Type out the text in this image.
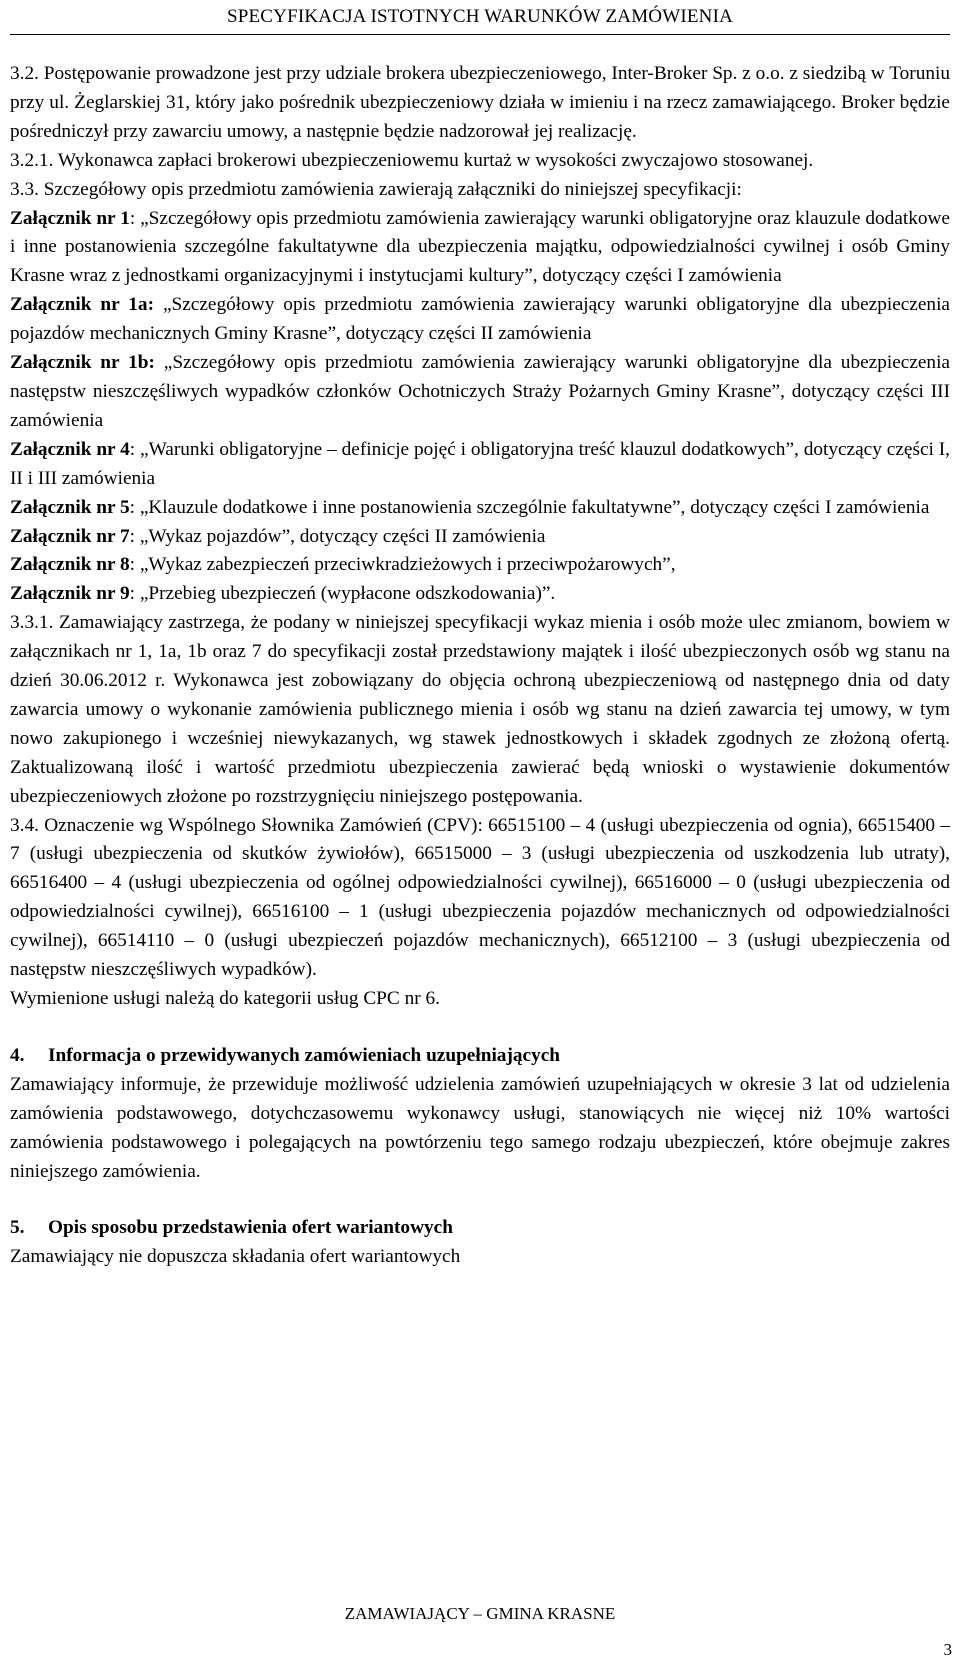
SPECYFIKACJA ISTOTNYCH WARUNKÓW ZAMÓWIENIA

3.2. Postępowanie prowadzone jest przy udziale brokera ubezpieczeniowego, Inter-Broker Sp. z o.o. z siedzibą w Toruniu przy ul. Żeglarskiej 31, który jako pośrednik ubezpieczeniowy działa w imieniu i na rzecz zamawiającego. Broker będzie pośredniczył przy zawarciu umowy, a następnie będzie nadzorował jej realizację.

3.2.1. Wykonawca zapłaci brokerowi ubezpieczeniowemu kurtaż w wysokości zwyczajowo stosowanej.

3.3. Szczegółowy opis przedmiotu zamówienia zawierają załączniki do niniejszej specyfikacji:

Załącznik nr 1: „Szczegółowy opis przedmiotu zamówienia zawierający warunki obligatoryjne oraz klauzule dodatkowe i inne postanowienia szczególne fakultatywne dla ubezpieczenia majątku, odpowiedzialności cywilnej i osób Gminy Krasne wraz z jednostkami organizacyjnymi i instytucjami kultury”, dotyczący części I zamówienia

Załącznik nr 1a: „Szczegółowy opis przedmiotu zamówienia zawierający warunki obligatoryjne dla ubezpieczenia pojazdów mechanicznych Gminy Krasne”, dotyczący części II zamówienia

Załącznik nr 1b: „Szczegółowy opis przedmiotu zamówienia zawierający warunki obligatoryjne dla ubezpieczenia następstw nieszczęśliwych wypadków członków Ochotniczych Straży Pożarnych Gminy Krasne”, dotyczący części III zamówienia

Załącznik nr 4: „Warunki obligatoryjne – definicje pojęć i obligatoryjna treść klauzul dodatkowych”, dotyczący części I, II i III zamówienia

Załącznik nr 5: „Klauzule dodatkowe i inne postanowienia szczególnie fakultatywne”, dotyczący części I zamówienia

Załącznik nr 7: „Wykaz pojazdów”, dotyczący części II zamówienia

Załącznik nr 8: „Wykaz zabezpieczeń przeciwkradzieżowych i przeciwpożarowych”,

Załącznik nr 9: „Przebieg ubezpieczeń (wypłacone odszkodowania)”.

3.3.1. Zamawiający zastrzega, że podany w niniejszej specyfikacji wykaz mienia i osób może ulec zmianom, bowiem w załącznikach nr 1, 1a, 1b oraz 7 do specyfikacji został przedstawiony majątek i ilość ubezpieczonych osób wg stanu na dzień 30.06.2012 r. Wykonawca jest zobowiązany do objęcia ochroną ubezpieczeniową od następnego dnia od daty zawarcia umowy o wykonanie zamówienia publicznego mienia i osób wg stanu na dzień zawarcia tej umowy, w tym nowo zakupionego i wcześniej niewykazanych, wg stawek jednostkowych i składek zgodnych ze złożoną ofertą. Zaktualizowaną ilość i wartość przedmiotu ubezpieczenia zawierać będą wnioski o wystawienie dokumentów ubezpieczeniowych złożone po rozstrzygnięciu niniejszego postępowania.

3.4. Oznaczenie wg Wspólnego Słownika Zamówień (CPV): 66515100 – 4 (usługi ubezpieczenia od ognia), 66515400 – 7 (usługi ubezpieczenia od skutków żywiołów), 66515000 – 3 (usługi ubezpieczenia od uszkodzenia lub utraty), 66516400 – 4 (usługi ubezpieczenia od ogólnej odpowiedzialności cywilnej), 66516000 – 0 (usługi ubezpieczenia od odpowiedzialności cywilnej), 66516100 – 1 (usługi ubezpieczenia pojazdów mechanicznych od odpowiedzialności cywilnej), 66514110 – 0 (usługi ubezpieczeń pojazdów mechanicznych), 66512100 – 3 (usługi ubezpieczenia od następstw nieszczęśliwych wypadków).

Wymienione usługi należą do kategorii usług CPC nr 6.

4. Informacja o przewidywanych zamówieniach uzupełniających

Zamawiający informuje, że przewiduje możliwość udzielenia zamówień uzupełniających w okresie 3 lat od udzielenia zamówienia podstawowego, dotychczasowemu wykonawcy usługi, stanowiących nie więcej niż 10% wartości zamówienia podstawowego i polegających na powtórzeniu tego samego rodzaju ubezpieczeń, które obejmuje zakres niniejszego zamówienia.

5. Opis sposobu przedstawienia ofert wariantowych

Zamawiający nie dopuszcza składania ofert wariantowych

ZAMAWIAJĄCY – GMINA KRASNE
3
